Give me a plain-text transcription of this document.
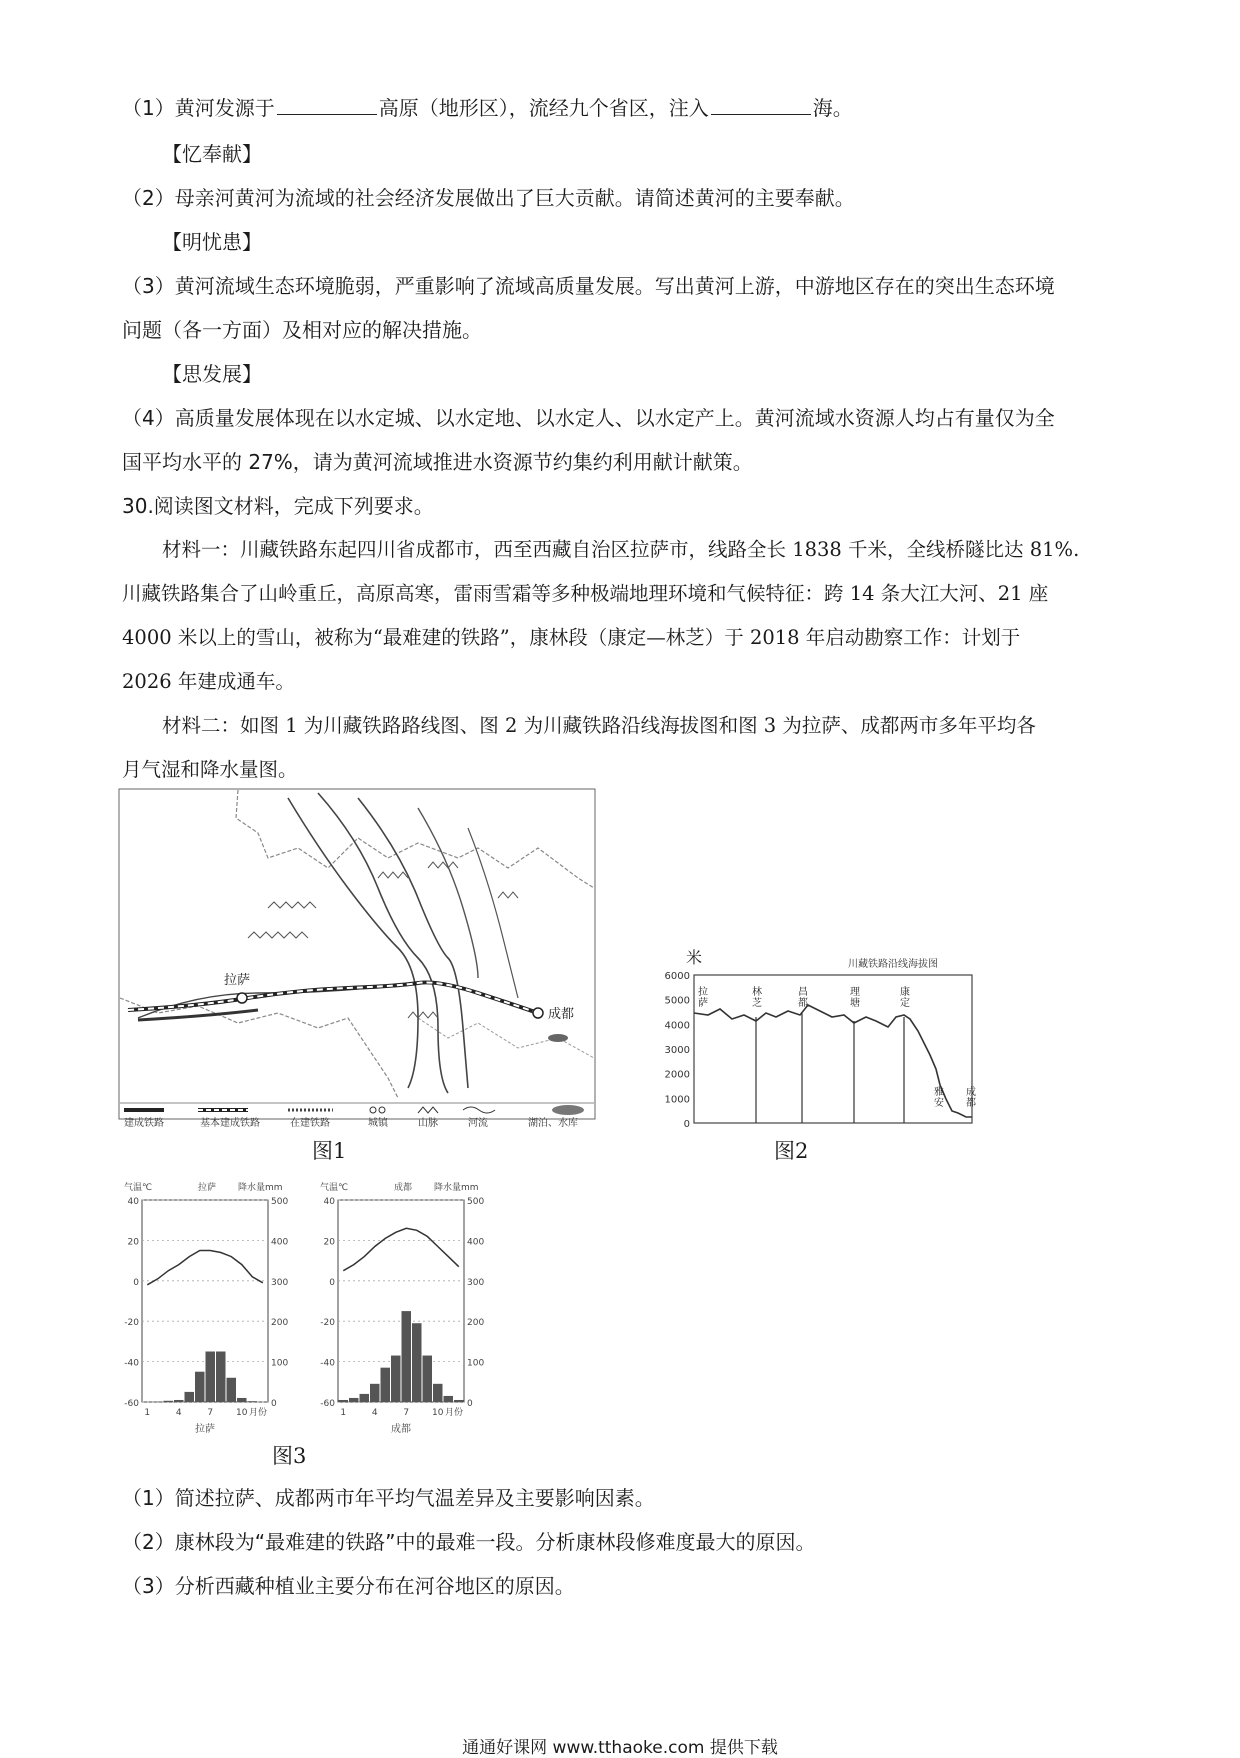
（1）黄河发源于	高原（地形区），流经九个省区，注入	海。
【忆奉献】
（2）母亲河黄河为流域的社会经济发展做出了巨大贡献。请简述黄河的主要奉献。
【明忧患】
（3）黄河流域生态环境脆弱，严重影响了流域高质量发展。写出黄河上游，中游地区存在的突出生态环境
问题（各一方面）及相对应的解决措施。
【思发展】
（4）高质量发展体现在以水定城、以水定地、以水定人、以水定产上。黄河流域水资源人均占有量仅为全
国平均水平的 27%，请为黄河流域推进水资源节约集约利用献计献策。
30.阅读图文材料，完成下列要求。
材料一：川藏铁路东起四川省成都市，西至西藏自治区拉萨市，线路全长 1838 千米，全线桥隧比达 81%.
川藏铁路集合了山岭重丘，高原高寒，雷雨雪霜等多种极端地理环境和气候特征：跨 14 条大江大河、21 座
4000 米以上的雪山，被称为“最难建的铁路”，康林段（康定—林芝）于 2018 年启动勘察工作：计划于
2026 年建成通车。
材料二：如图 1 为川藏铁路路线图、图 2 为川藏铁路沿线海拔图和图 3 为拉萨、成都两市多年平均各
月气湿和降水量图。
拉萨
成都
建成铁路	基本建成铁路	在建铁路	城镇	山脉	河流	湖泊、水库
图1
米	川藏铁路沿线海拔图
6000
5000
4000
3000
2000
1000
0
拉萨
林芝
昌都
理塘
康定
雅安
成都
图2
气温℃	拉萨 降水量mm
40
20
0
-20
-40
-60
500
400
300
200
100
0
1	4	7	10 月份
拉萨
气温℃	成都 降水量mm
40
20
0
-20
-40
-60
500
400
300
200
100
0
1	4	7	10 月份
成都
图3
（1）简述拉萨、成都两市年平均气温差异及主要影响因素。
（2）康林段为“最难建的铁路”中的最难一段。分析康林段修难度最大的原因。
（3）分析西藏种植业主要分布在河谷地区的原因。
通通好课网 www.tthaoke.com 提供下载
